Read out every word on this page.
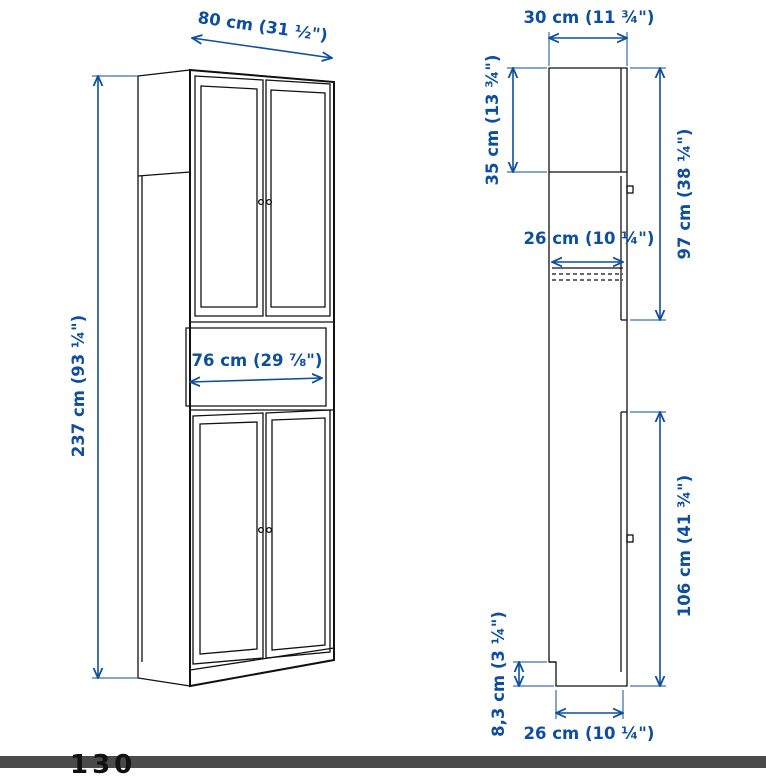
80 cm (31 ½")
237 cm (93 ¼")	76 cm (29 ⅞")
30 cm (11 ¾")
35 cm (13 ¾")
97 cm (38 ¼")
26 cm (10 ¼")
106 cm (41 ¾")
8,3 cm (3 ¼") 26 cm (10 ¼")
130
